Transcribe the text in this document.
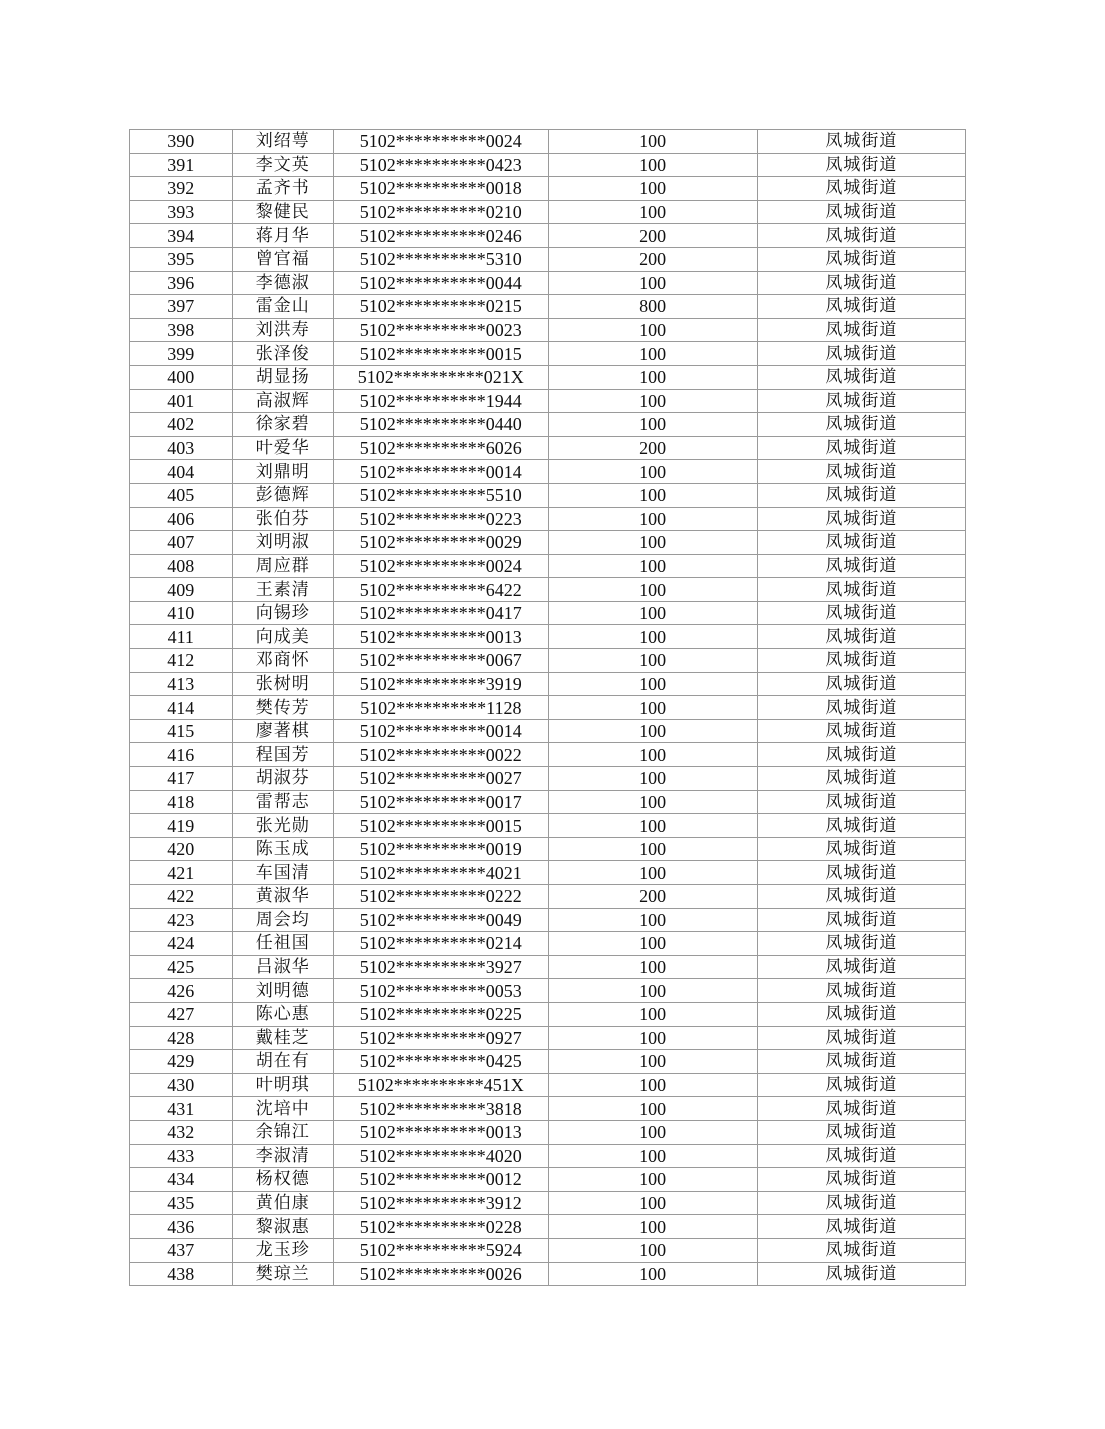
390	刘绍萼	5102**********0024	100	凤城街道
391	李文英	5102**********0423	100	凤城街道
392	孟齐书	5102**********0018	100	凤城街道
393	黎健民	5102**********0210	100	凤城街道
394	蒋月华	5102**********0246	200	凤城街道
395	曾官福	5102**********5310	200	凤城街道
396	李德淑	5102**********0044	100	凤城街道
397	雷金山	5102**********0215	800	凤城街道
398	刘洪寿	5102**********0023	100	凤城街道
399	张泽俊	5102**********0015	100	凤城街道
400	胡显扬	5102**********021X	100	凤城街道
401	高淑辉	5102**********1944	100	凤城街道
402	徐家碧	5102**********0440	100	凤城街道
403	叶爱华	5102**********6026	200	凤城街道
404	刘鼎明	5102**********0014	100	凤城街道
405	彭德辉	5102**********5510	100	凤城街道
406	张伯芬	5102**********0223	100	凤城街道
407	刘明淑	5102**********0029	100	凤城街道
408	周应群	5102**********0024	100	凤城街道
409	王素清	5102**********6422	100	凤城街道
410	向锡珍	5102**********0417	100	凤城街道
411	向成美	5102**********0013	100	凤城街道
412	邓商怀	5102**********0067	100	凤城街道
413	张树明	5102**********3919	100	凤城街道
414	樊传芳	5102**********1128	100	凤城街道
415	廖著棋	5102**********0014	100	凤城街道
416	程国芳	5102**********0022	100	凤城街道
417	胡淑芬	5102**********0027	100	凤城街道
418	雷帮志	5102**********0017	100	凤城街道
419	张光勋	5102**********0015	100	凤城街道
420	陈玉成	5102**********0019	100	凤城街道
421	车国清	5102**********4021	100	凤城街道
422	黄淑华	5102**********0222	200	凤城街道
423	周会均	5102**********0049	100	凤城街道
424	任祖国	5102**********0214	100	凤城街道
425	吕淑华	5102**********3927	100	凤城街道
426	刘明德	5102**********0053	100	凤城街道
427	陈心惠	5102**********0225	100	凤城街道
428	戴桂芝	5102**********0927	100	凤城街道
429	胡在有	5102**********0425	100	凤城街道
430	叶明琪	5102**********451X	100	凤城街道
431	沈培中	5102**********3818	100	凤城街道
432	余锦江	5102**********0013	100	凤城街道
433	李淑清	5102**********4020	100	凤城街道
434	杨权德	5102**********0012	100	凤城街道
435	黄伯康	5102**********3912	100	凤城街道
436	黎淑惠	5102**********0228	100	凤城街道
437	龙玉珍	5102**********5924	100	凤城街道
438	樊琼兰	5102**********0026	100	凤城街道
